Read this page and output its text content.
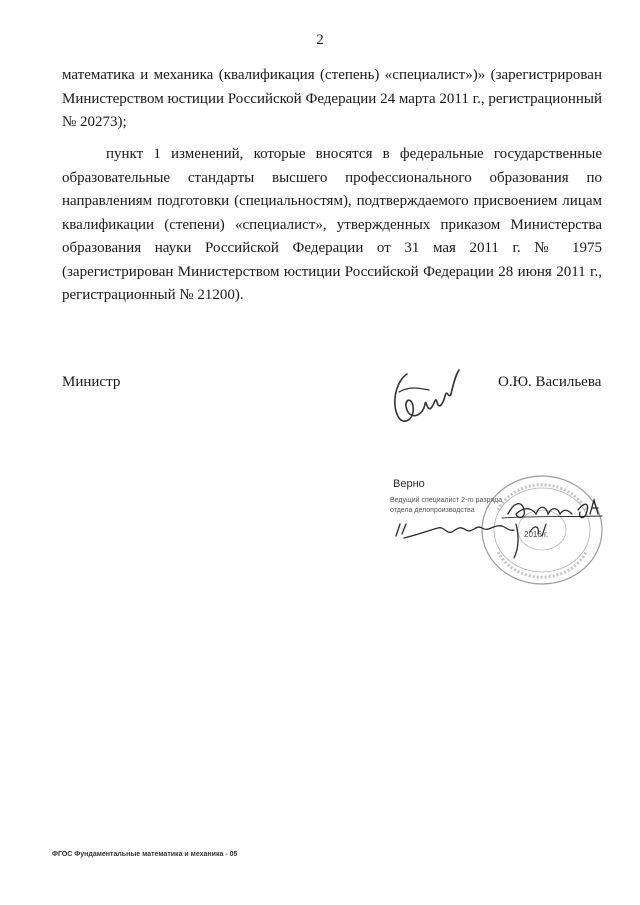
2
математика и механика (квалификация (степень) «специалист»)» (зарегистрирован
Министерством юстиции Российской Федерации 24 марта 2011 г., регистрационный
№ 20273);
пункт 1 изменений, которые вносятся в федеральные государственные
образовательные стандарты высшего профессионального образования по
направлениям подготовки (специальностям), подтверждаемого присвоением лицам
квалификации (степени) «специалист», утвержденных приказом Министерства
образования науки Российской Федерации от 31 мая 2011 г. № 1975
(зарегистрирован Министерством юстиции Российской Федерации 28 июня 2011 г.,
регистрационный № 21200).
Министр	О.Ю. Васильева
Верно
Ведущий специалист 2-го разряда
отдела делопроизводства
2016 г.
ФГОС Фундаментальные математика и механика - 05
